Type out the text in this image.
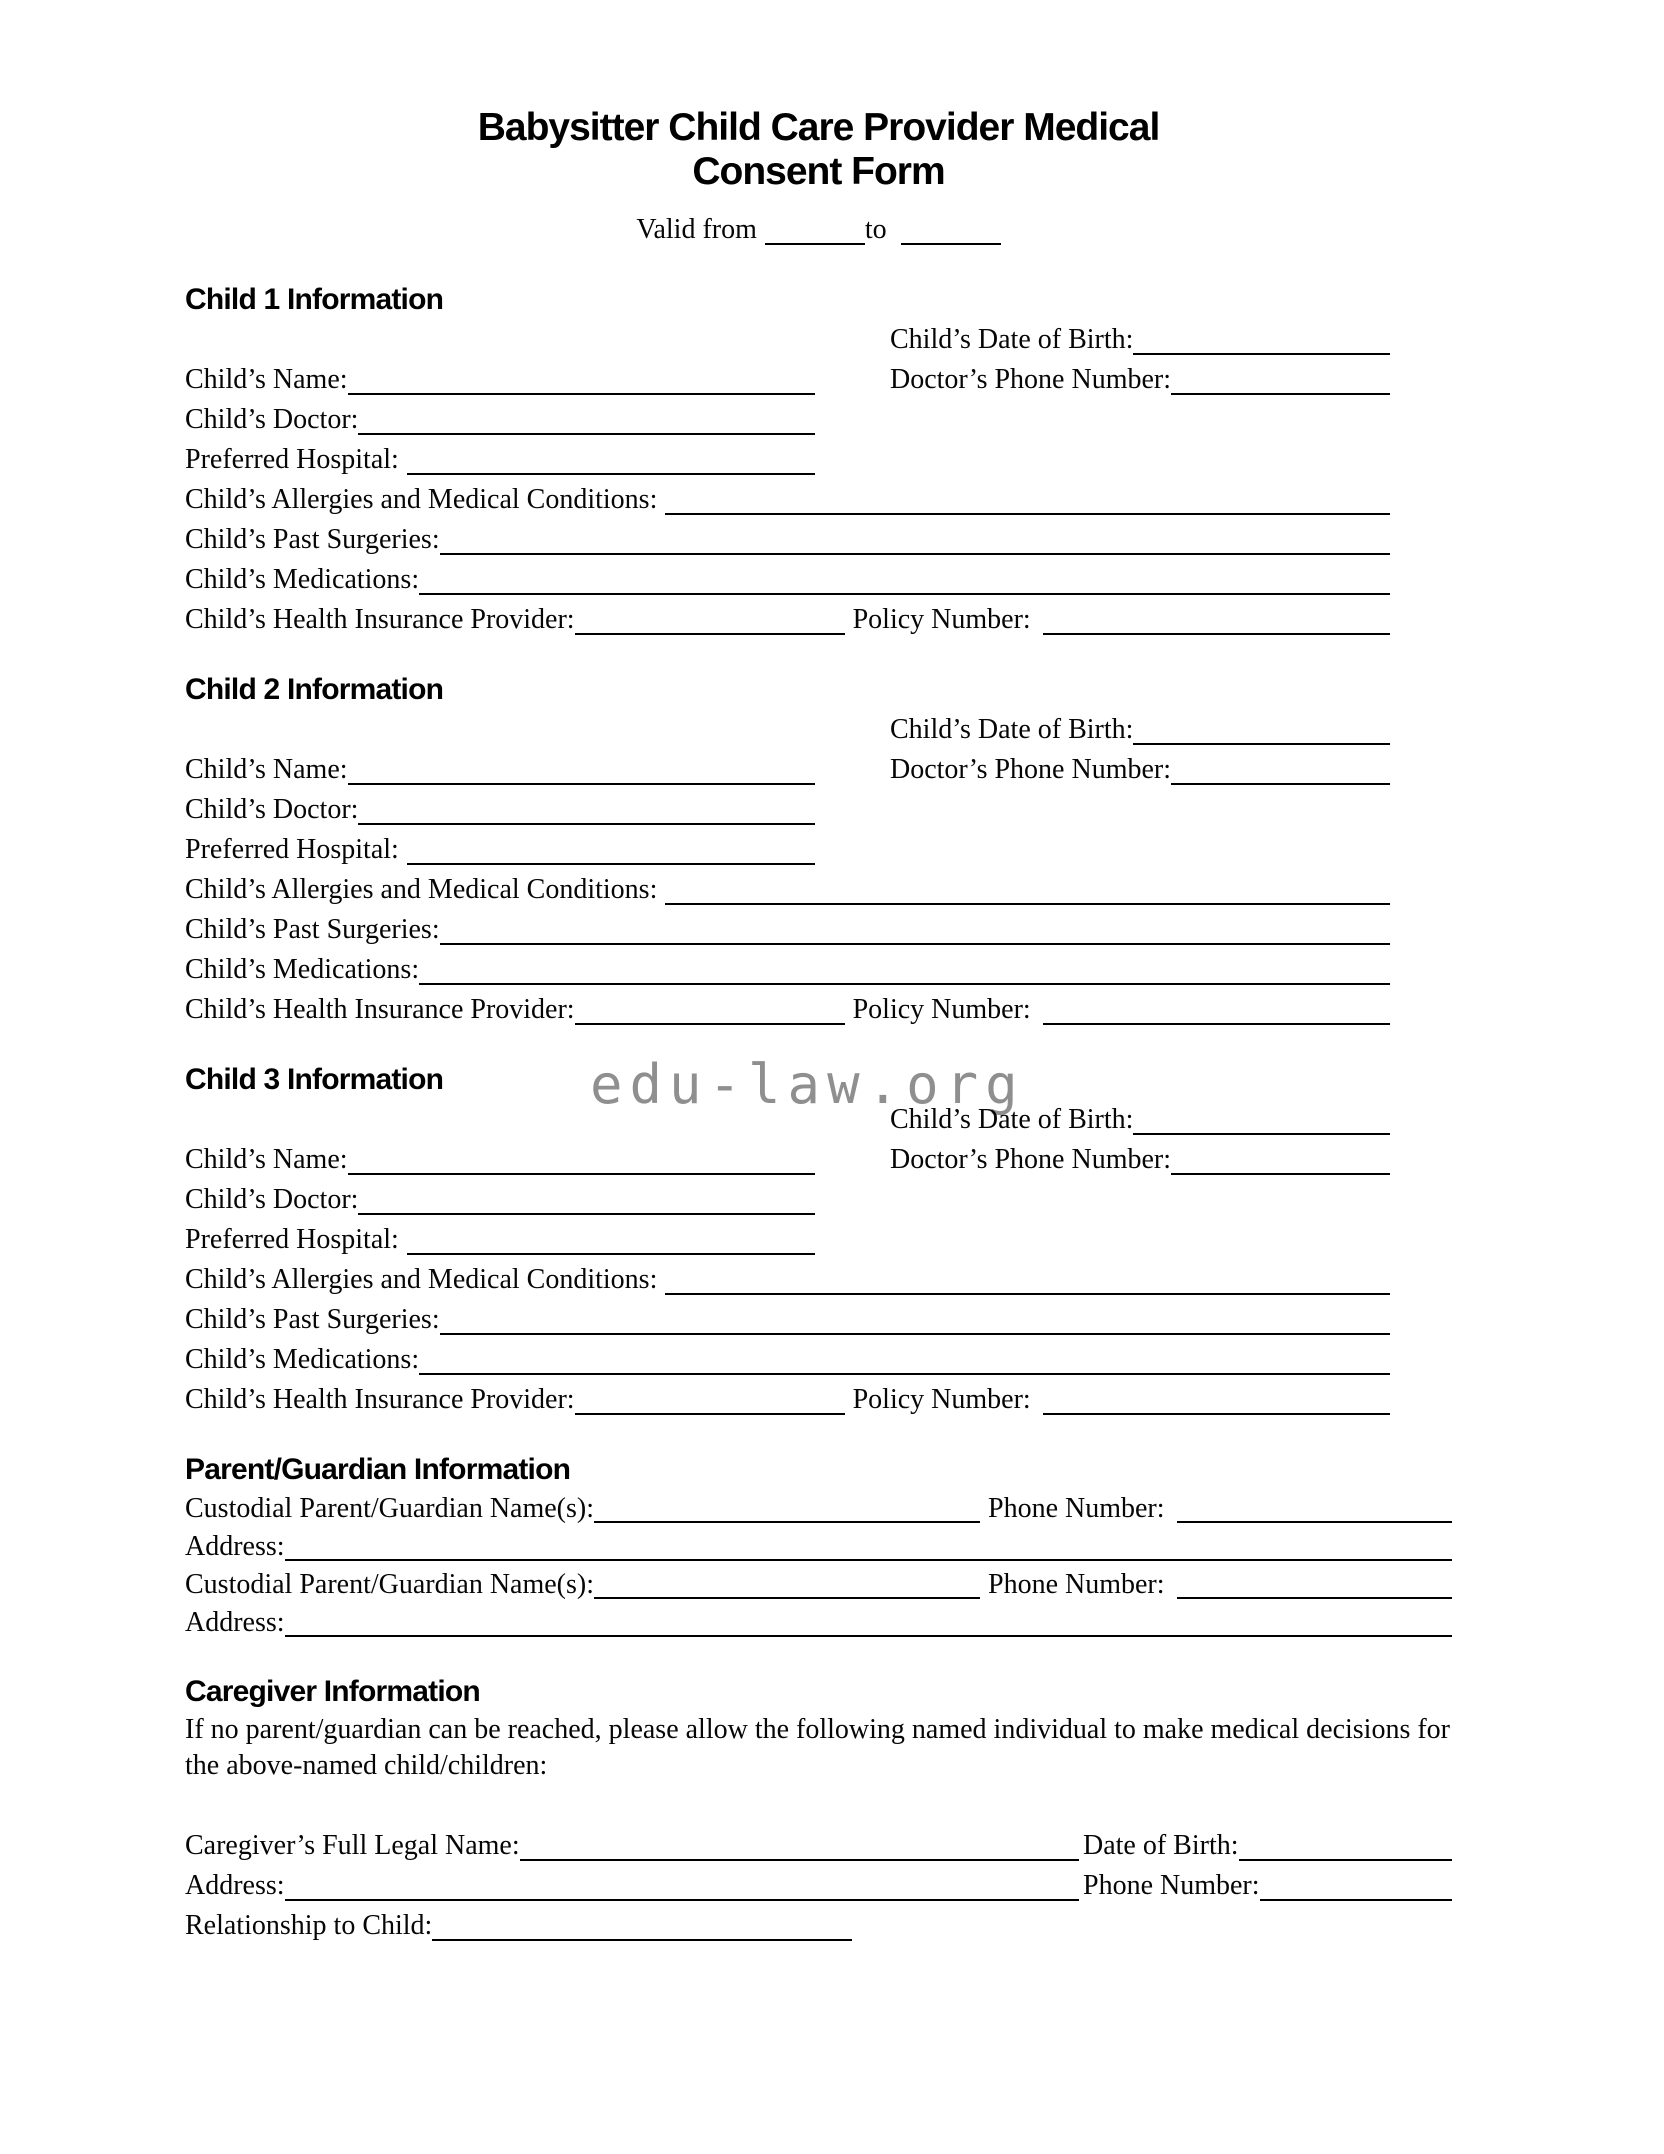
Babysitter Child Care Provider Medical
Consent Form
Valid from	to
Child 1 Information
Child’s Date of Birth:
Child’s Name:	Doctor’s Phone Number:
Child’s Doctor:
Preferred Hospital:
Child’s Allergies and Medical Conditions:
Child’s Past Surgeries:
Child’s Medications:
Child’s Health Insurance Provider:	Policy Number:
Child 2 Information
Child’s Date of Birth:
Child’s Name:	Doctor’s Phone Number:
Child’s Doctor:
Preferred Hospital:
Child’s Allergies and Medical Conditions:
Child’s Past Surgeries:
Child’s Medications:
Child’s Health Insurance Provider:	Policy Number:
edu-law.org
Child 3 Information
Child’s Date of Birth:
Child’s Name:	Doctor’s Phone Number:
Child’s Doctor:
Preferred Hospital:
Child’s Allergies and Medical Conditions:
Child’s Past Surgeries:
Child’s Medications:
Child’s Health Insurance Provider:	Policy Number:
Parent/Guardian Information
Custodial Parent/Guardian Name(s):	Phone Number:
Address:
Custodial Parent/Guardian Name(s):	Phone Number:
Address:
Caregiver Information
If no parent/guardian can be reached, please allow the following named individual to make medical decisions for the above-named child/children:
Caregiver’s Full Legal Name:	Date of Birth:
Address:	Phone Number:
Relationship to Child:
